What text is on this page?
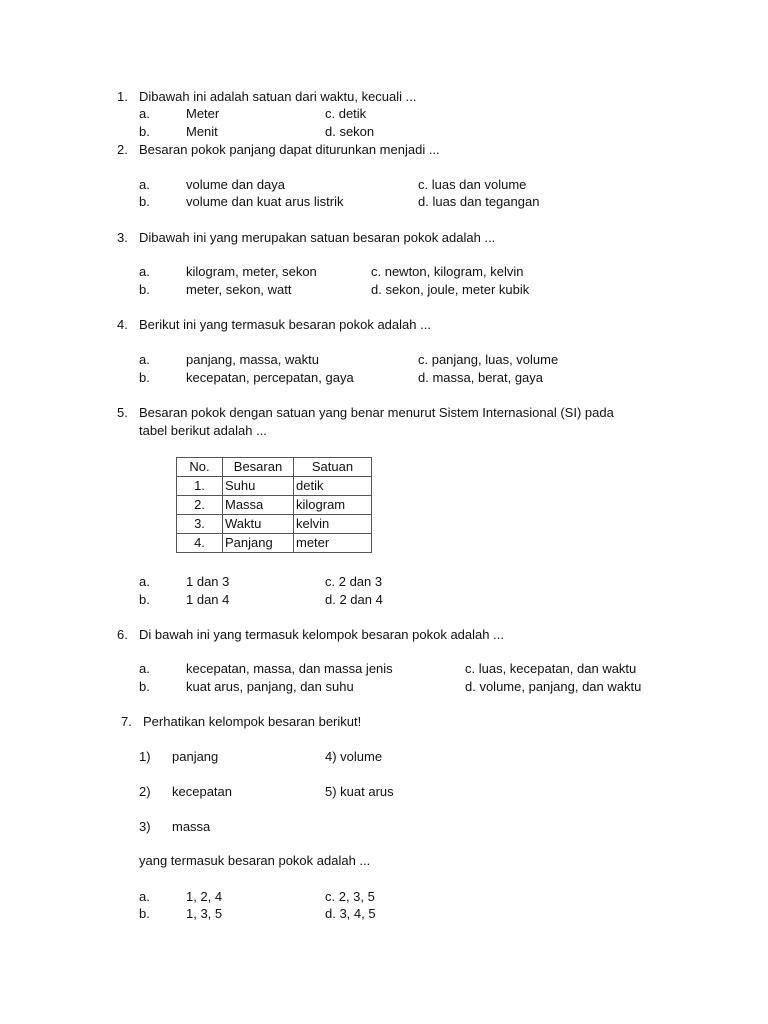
1. Dibawah ini adalah satuan dari waktu, kecuali ...
a.	Meter	c. detik
b.	Menit	d. sekon
2. Besaran pokok panjang dapat diturunkan menjadi ...
a.	volume dan daya	c. luas dan volume
b.	volume dan kuat arus listrik	d. luas dan tegangan
3. Dibawah ini yang merupakan satuan besaran pokok adalah ...
a.	kilogram, meter, sekon	c. newton, kilogram, kelvin
b.	meter, sekon, watt	d. sekon, joule, meter kubik
4. Berikut ini yang termasuk besaran pokok adalah ...
a.	panjang, massa, waktu	c. panjang, luas, volume
b.	kecepatan, percepatan, gaya	d. massa, berat, gaya
5. Besaran pokok dengan satuan yang benar menurut Sistem Internasional (SI) pada
tabel berikut adalah ...
No.	Besaran	Satuan
1.	Suhu	detik
2.	Massa	kilogram
3.	Waktu	kelvin
4.	Panjang	meter
a.	1 dan 3	c. 2 dan 3
b.	1 dan 4	d. 2 dan 4
6. Di bawah ini yang termasuk kelompok besaran pokok adalah ...
a.	kecepatan, massa, dan massa jenis	c. luas, kecepatan, dan waktu
b.	kuat arus, panjang, dan suhu	d. volume, panjang, dan waktu
7. Perhatikan kelompok besaran berikut!
1) panjang	4) volume
2) kecepatan	5) kuat arus
3) massa
yang termasuk besaran pokok adalah ...
a.	1, 2, 4	c. 2, 3, 5
b.	1, 3, 5	d. 3, 4, 5
